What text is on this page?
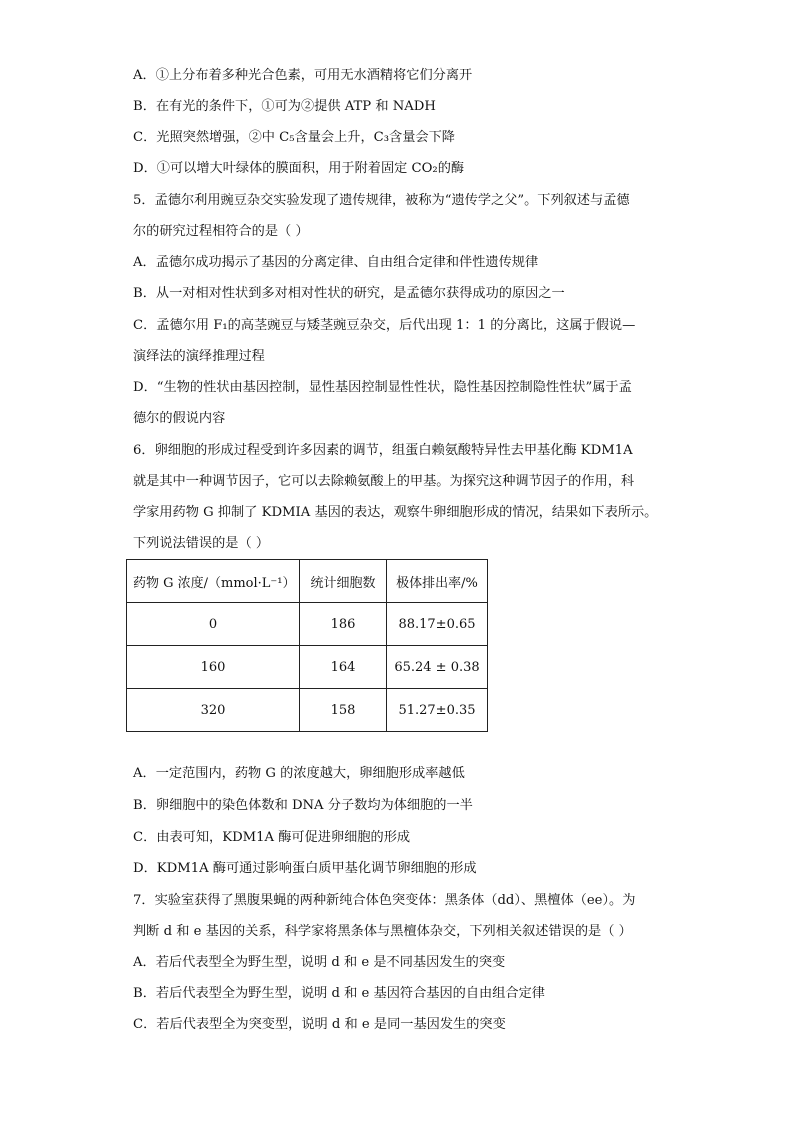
A．①上分布着多种光合色素，可用无水酒精将它们分离开
B．在有光的条件下，①可为②提供 ATP 和 NADH
C．光照突然增强，②中 C₅含量会上升，C₃含量会下降
D．①可以增大叶绿体的膜面积，用于附着固定 CO₂的酶
5．孟德尔利用豌豆杂交实验发现了遗传规律，被称为“遗传学之父”。下列叙述与孟德
尔的研究过程相符合的是（ ）
A．孟德尔成功揭示了基因的分离定律、自由组合定律和伴性遗传规律
B．从一对相对性状到多对相对性状的研究，是孟德尔获得成功的原因之一
C．孟德尔用 F₁的高茎豌豆与矮茎豌豆杂交，后代出现 1：1 的分离比，这属于假说—
演绎法的演绎推理过程
D．“生物的性状由基因控制，显性基因控制显性性状，隐性基因控制隐性性状”属于孟
德尔的假说内容
6．卵细胞的形成过程受到许多因素的调节，组蛋白赖氨酸特异性去甲基化酶 KDM1A
就是其中一种调节因子，它可以去除赖氨酸上的甲基。为探究这种调节因子的作用，科
学家用药物 G 抑制了 KDMIA 基因的表达，观察牛卵细胞形成的情况，结果如下表所示。
下列说法错误的是（ ）
药物 G 浓度/（mmol·L⁻¹）	统计细胞数	极体排出率/%
0	186	88.17±0.65
160	164	65.24 ± 0.38
320	158	51.27±0.35
A．一定范围内，药物 G 的浓度越大，卵细胞形成率越低
B．卵细胞中的染色体数和 DNA 分子数均为体细胞的一半
C．由表可知，KDM1A 酶可促进卵细胞的形成
D．KDM1A 酶可通过影响蛋白质甲基化调节卵细胞的形成
7．实验室获得了黑腹果蝇的两种新纯合体色突变体：黑条体（dd）、黑檀体（ee）。为
判断 d 和 e 基因的关系，科学家将黑条体与黑檀体杂交，下列相关叙述错误的是（ ）
A．若后代表型全为野生型，说明 d 和 e 是不同基因发生的突变
B．若后代表型全为野生型，说明 d 和 e 基因符合基因的自由组合定律
C．若后代表型全为突变型，说明 d 和 e 是同一基因发生的突变
